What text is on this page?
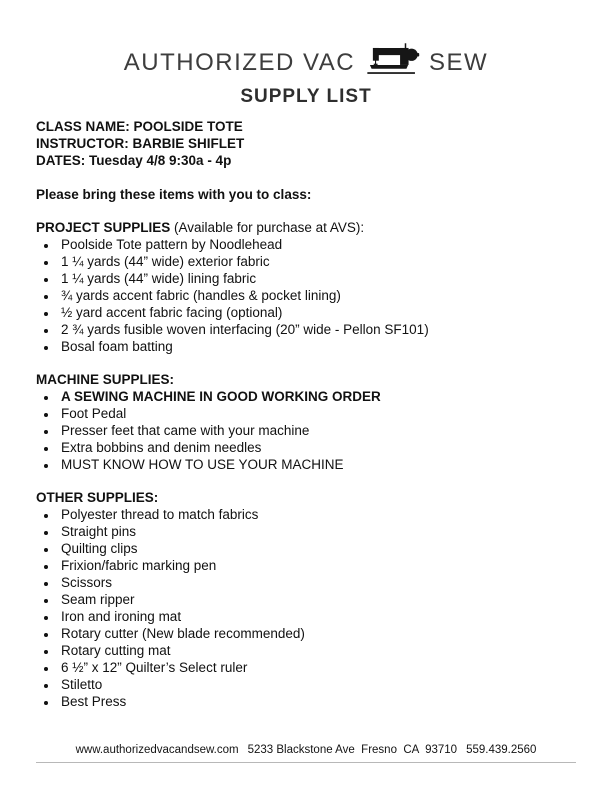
AUTHORIZED VAC	SEW
SUPPLY LIST
CLASS NAME: POOLSIDE TOTE
INSTRUCTOR: BARBIE SHIFLET
DATES: Tuesday 4/8 9:30a - 4p
Please bring these items with you to class:
PROJECT SUPPLIES (Available for purchase at AVS):
• Poolside Tote pattern by Noodlehead
• 1 ¼ yards (44” wide) exterior fabric
• 1 ¼ yards (44” wide) lining fabric
• ¾ yards accent fabric (handles & pocket lining)
• ½ yard accent fabric facing (optional)
• 2 ¾ yards fusible woven interfacing (20” wide - Pellon SF101)
• Bosal foam batting
MACHINE SUPPLIES:
• A SEWING MACHINE IN GOOD WORKING ORDER
• Foot Pedal
• Presser feet that came with your machine
• Extra bobbins and denim needles
• MUST KNOW HOW TO USE YOUR MACHINE
OTHER SUPPLIES:
• Polyester thread to match fabrics
• Straight pins
• Quilting clips
• Frixion/fabric marking pen
• Scissors
• Seam ripper
• Iron and ironing mat
• Rotary cutter (New blade recommended)
• Rotary cutting mat
• 6 ½” x 12” Quilter’s Select ruler
• Stiletto
• Best Press
www.authorizedvacandsew.com 5233 Blackstone Ave  Fresno  CA  93710 559.439.2560
